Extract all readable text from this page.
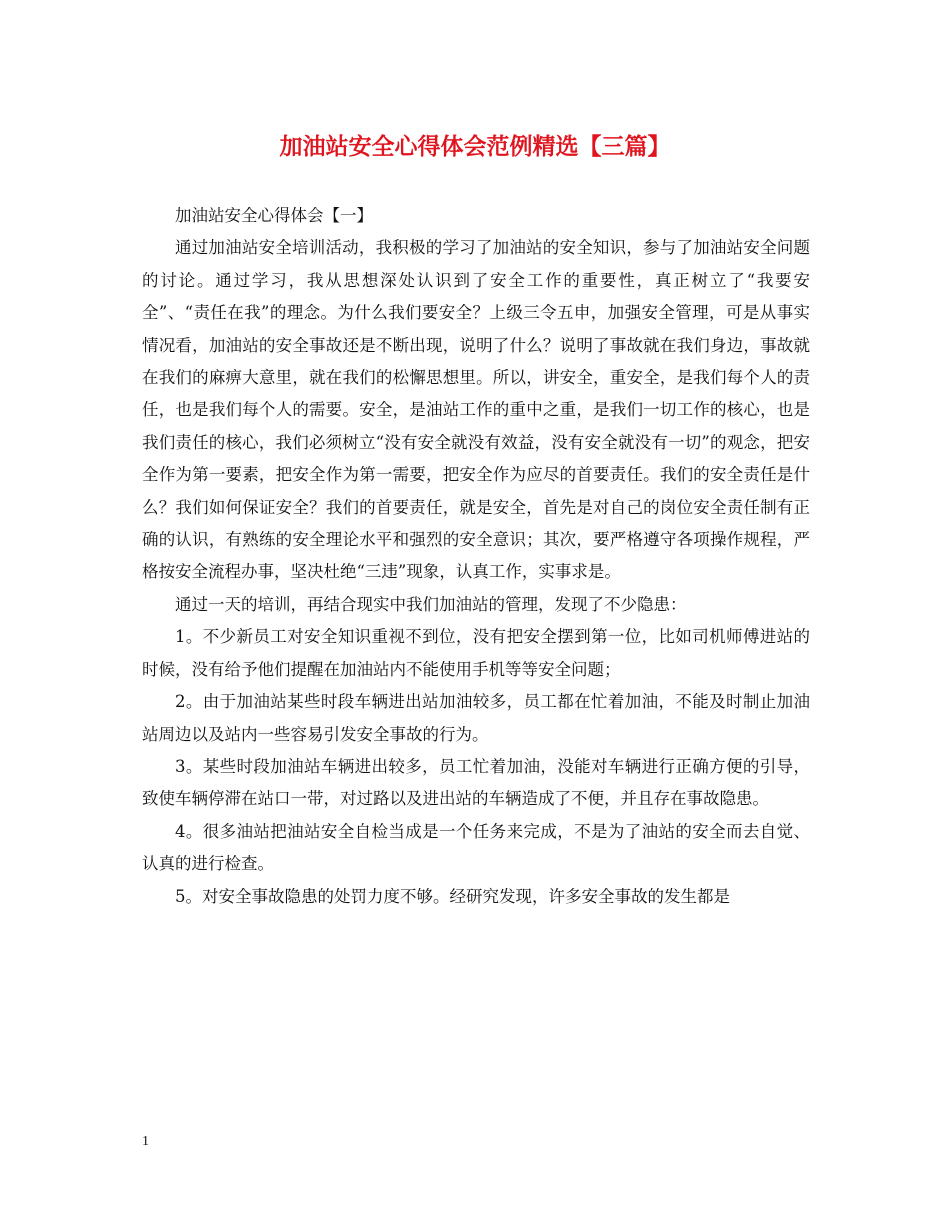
加油站安全心得体会范例精选【三篇】

加油站安全心得体会【一】

通过加油站安全培训活动，我积极的学习了加油站的安全知识，参与了加油站安全问题的讨论。通过学习，我从思想深处认识到了安全工作的重要性，真正树立了“我要安全”、“责任在我”的理念。为什么我们要安全？上级三令五申，加强安全管理，可是从事实情况看，加油站的安全事故还是不断出现，说明了什么？说明了事故就在我们身边，事故就在我们的麻痹大意里，就在我们的松懈思想里。所以，讲安全，重安全，是我们每个人的责任，也是我们每个人的需要。安全，是油站工作的重中之重，是我们一切工作的核心，也是我们责任的核心，我们必须树立“没有安全就没有效益，没有安全就没有一切”的观念，把安全作为第一要素，把安全作为第一需要，把安全作为应尽的首要责任。我们的安全责任是什么？我们如何保证安全？我们的首要责任，就是安全，首先是对自己的岗位安全责任制有正确的认识，有熟练的安全理论水平和强烈的安全意识；其次，要严格遵守各项操作规程，严格按安全流程办事，坚决杜绝“三违”现象，认真工作，实事求是。

通过一天的培训，再结合现实中我们加油站的管理，发现了不少隐患：

1。不少新员工对安全知识重视不到位，没有把安全摆到第一位，比如司机师傅进站的时候，没有给予他们提醒在加油站内不能使用手机等等安全问题；

2。由于加油站某些时段车辆进出站加油较多，员工都在忙着加油，不能及时制止加油站周边以及站内一些容易引发安全事故的行为。

3。某些时段加油站车辆进出较多，员工忙着加油，没能对车辆进行正确方便的引导，致使车辆停滞在站口一带，对过路以及进出站的车辆造成了不便，并且存在事故隐患。

4。很多油站把油站安全自检当成是一个任务来完成，不是为了油站的安全而去自觉、认真的进行检查。

5。对安全事故隐患的处罚力度不够。经研究发现，许多安全事故的发生都是

1
